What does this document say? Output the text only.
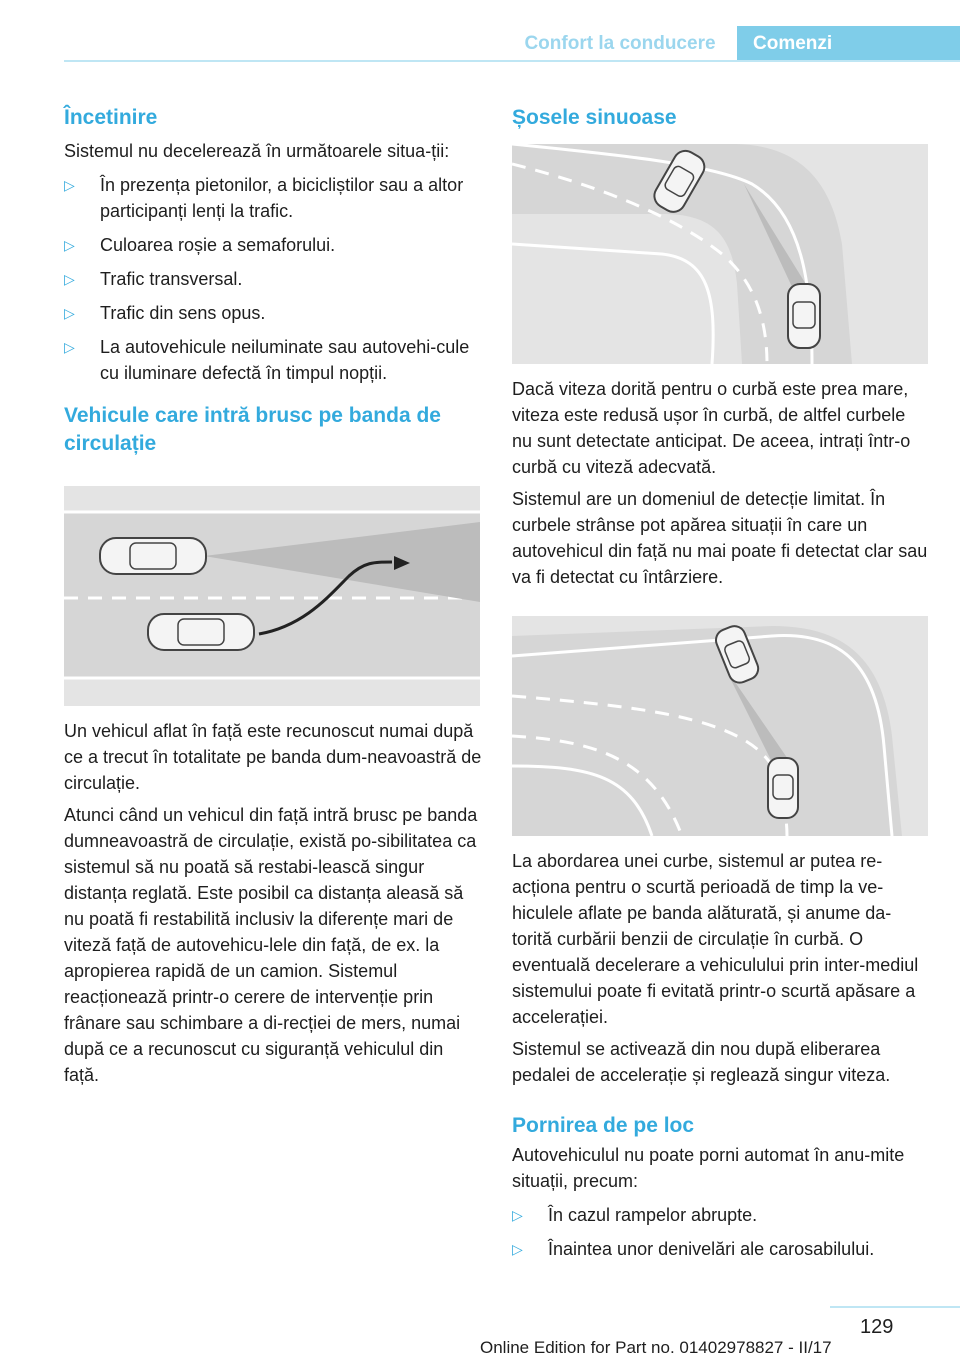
Confort la conducere	Comenzi
Încetinire

Sistemul nu decelerează în următoarele situa‐ții:

▷ În prezența pietonilor, a bicicliștilor sau a altor participanți lenți la trafic.
▷ Culoarea roșie a semaforului.
▷ Trafic transversal.
▷ Trafic din sens opus.
▷ La autovehicule neiluminate sau autovehi‐cule cu iluminare defectă în timpul nopții.
Vehicule care intră brusc pe banda de circulație

Un vehicul aflat în față este recunoscut numai după ce a trecut în totalitate pe banda dum‐neavoastră de circulație.

Atunci când un vehicul din față intră brusc pe banda dumneavoastră de circulație, există po‐sibilitatea ca sistemul să nu poată să restabi‐lească singur distanța reglată. Este posibil ca distanța aleasă să nu poată fi restabilită inclusiv la diferențe mari de viteză față de autovehicu‐lele din față, de ex. la apropierea rapidă de un camion. Sistemul reacționează printr-o cerere de intervenție prin frânare sau schimbare a di‐recției de mers, numai după ce a recunoscut cu siguranță vehiculul din față.

Șosele sinuoase

Dacă viteza dorită pentru o curbă este prea mare, viteza este redusă ușor în curbă, de altfel curbele nu sunt detectate anticipat. De aceea, intrați într-o curbă cu viteză adecvată.

Sistemul are un domeniul de detecție limitat. În curbele strânse pot apărea situații în care un autovehicul din față nu mai poate fi detectat clar sau va fi detectat cu întârziere.

La abordarea unei curbe, sistemul ar putea re‐acționa pentru o scurtă perioadă de timp la ve‐hiculele aflate pe banda alăturată, și anume da‐torită curbării benzii de circulație în curbă. O eventuală decelerare a vehiculului prin inter‐mediul sistemului poate fi evitată printr-o scurtă apăsare a accelerației.

Sistemul se activează din nou după eliberarea pedalei de accelerație și reglează singur viteza.

Pornirea de pe loc

Autovehiculul nu poate porni automat în anu‐mite situații, precum:

▷ În cazul rampelor abrupte.
▷ Înaintea unor denivelări ale carosabilului.
129
Online Edition for Part no. 01402978827 - II/17
